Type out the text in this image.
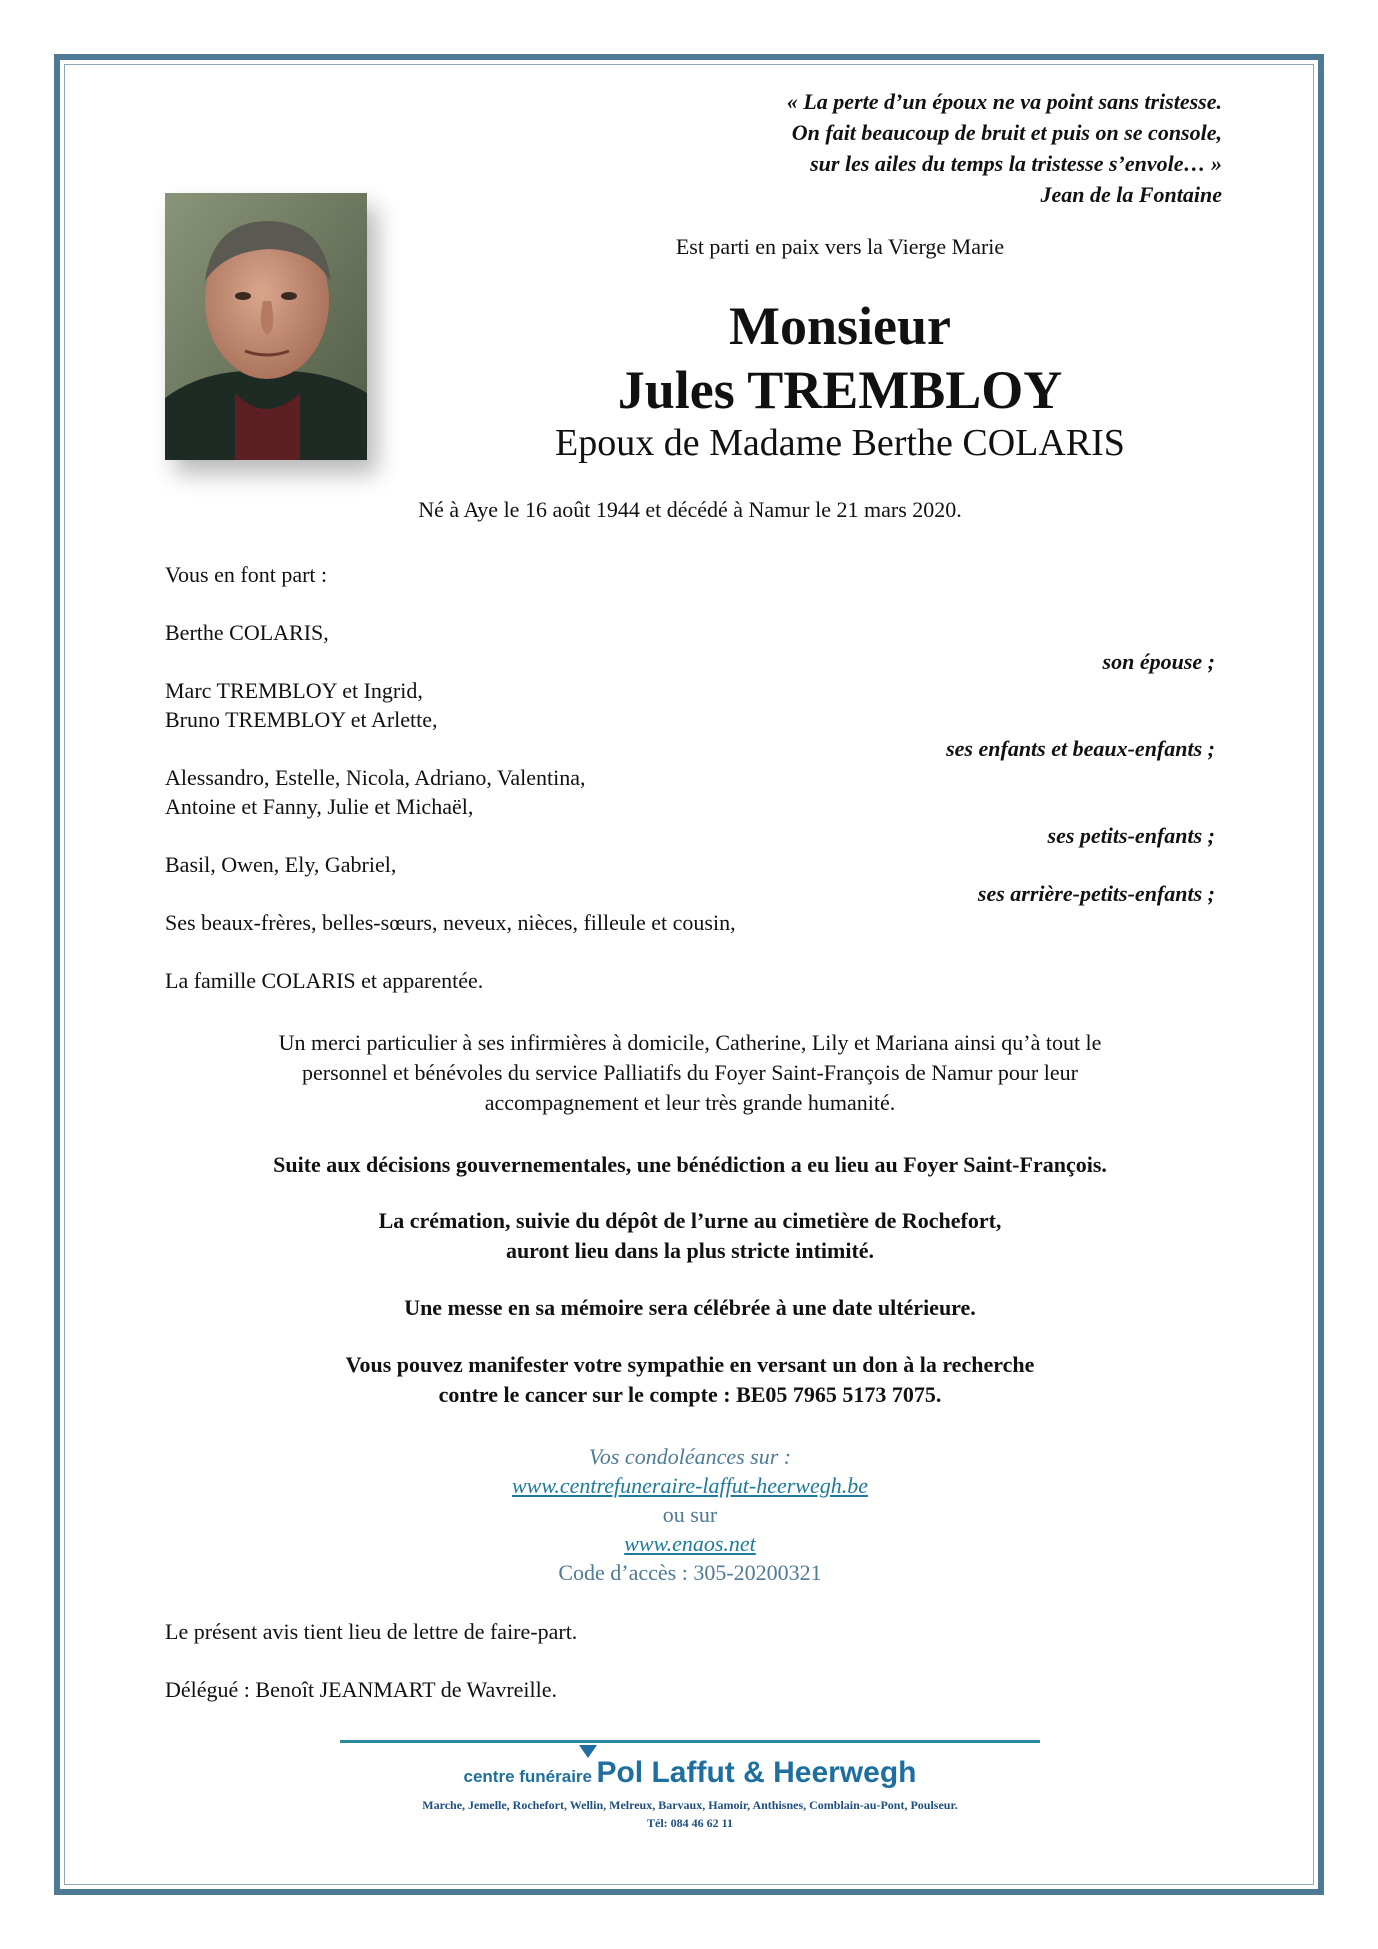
« La perte d’un époux ne va point sans tristesse.
On fait beaucoup de bruit et puis on se console,
sur les ailes du temps la tristesse s’envole… »
Jean de la Fontaine
Est parti en paix vers la Vierge Marie
Monsieur
Jules TREMBLOY
Epoux de Madame Berthe COLARIS
Né à Aye le 16 août 1944 et décédé à Namur le 21 mars 2020.
Vous en font part :
Berthe COLARIS,
son épouse ;
Marc TREMBLOY et Ingrid,
Bruno TREMBLOY et Arlette,
ses enfants et beaux-enfants ;
Alessandro, Estelle, Nicola, Adriano, Valentina,
Antoine et Fanny, Julie et Michaël,
ses petits-enfants ;
Basil, Owen, Ely, Gabriel,
ses arrière-petits-enfants ;
Ses beaux-frères, belles-sœurs, neveux, nièces, filleule et cousin,
La famille COLARIS et apparentée.
Un merci particulier à ses infirmières à domicile, Catherine, Lily et Mariana ainsi qu’à tout le
personnel et bénévoles du service Palliatifs du Foyer Saint-François de Namur pour leur
accompagnement et leur très grande humanité.
Suite aux décisions gouvernementales, une bénédiction a eu lieu au Foyer Saint-François.
La crémation, suivie du dépôt de l’urne au cimetière de Rochefort,
auront lieu dans la plus stricte intimité.
Une messe en sa mémoire sera célébrée à une date ultérieure.
Vous pouvez manifester votre sympathie en versant un don à la recherche
contre le cancer sur le compte : BE05 7965 5173 7075.
Vos condoléances sur :
www.centrefuneraire-laffut-heerwegh.be
ou sur
www.enaos.net
Code d’accès : 305-20200321
Le présent avis tient lieu de lettre de faire-part.
Délégué : Benoît JEANMART de Wavreille.
centre funéraire Pol Laffut & Heerwegh
Marche, Jemelle, Rochefort, Wellin, Melreux, Barvaux, Hamoir, Anthisnes, Comblain-au-Pont, Poulseur.
Tél: 084 46 62 11
